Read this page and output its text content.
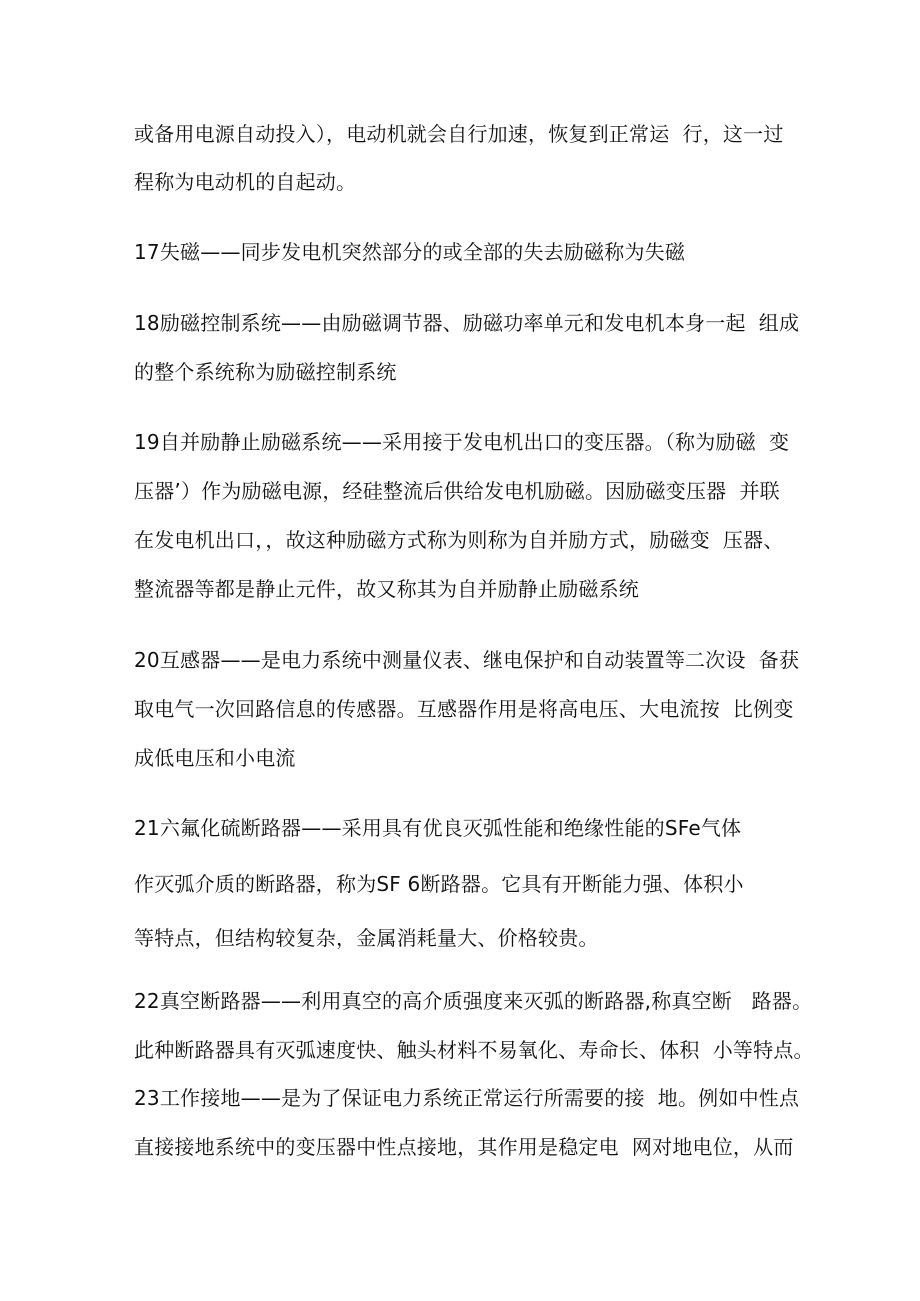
或备用电源自动投入），电动机就会自行加速，恢复到正常运  行，这一过
程称为电动机的自起动。
17失磁——同步发电机突然部分的或全部的失去励磁称为失磁
18励磁控制系统——由励磁调节器、励磁功率单元和发电机本身一起  组成
的整个系统称为励磁控制系统
19自并励静止励磁系统——采用接于发电机出口的变压器。（称为励磁  变
压器’）作为励磁电源，经硅整流后供给发电机励磁。因励磁变压器  并联
在发电机出口，，故这种励磁方式称为则称为自并励方式，励磁变  压器、
整流器等都是静止元件，故又称其为自并励静止励磁系统
20互感器——是电力系统中测量仪表、继电保护和自动装置等二次设  备获
取电气一次回路信息的传感器。互感器作用是将高电压、大电流按  比例变
成低电压和小电流
21六氟化硫断路器——采用具有优良灭弧性能和绝缘性能的SFe气体
作灭弧介质的断路器，称为SF 6断路器。它具有开断能力强、体积小
等特点，但结构较复杂，金属消耗量大、价格较贵。
22真空断路器——利用真空的高介质强度来灭弧的断路器,称真空断   路器。
此种断路器具有灭弧速度快、触头材料不易氧化、寿命长、体积  小等特点。
23工作接地——是为了保证电力系统正常运行所需要的接  地。例如中性点
直接接地系统中的变压器中性点接地，其作用是稳定电  网对地电位，从而
